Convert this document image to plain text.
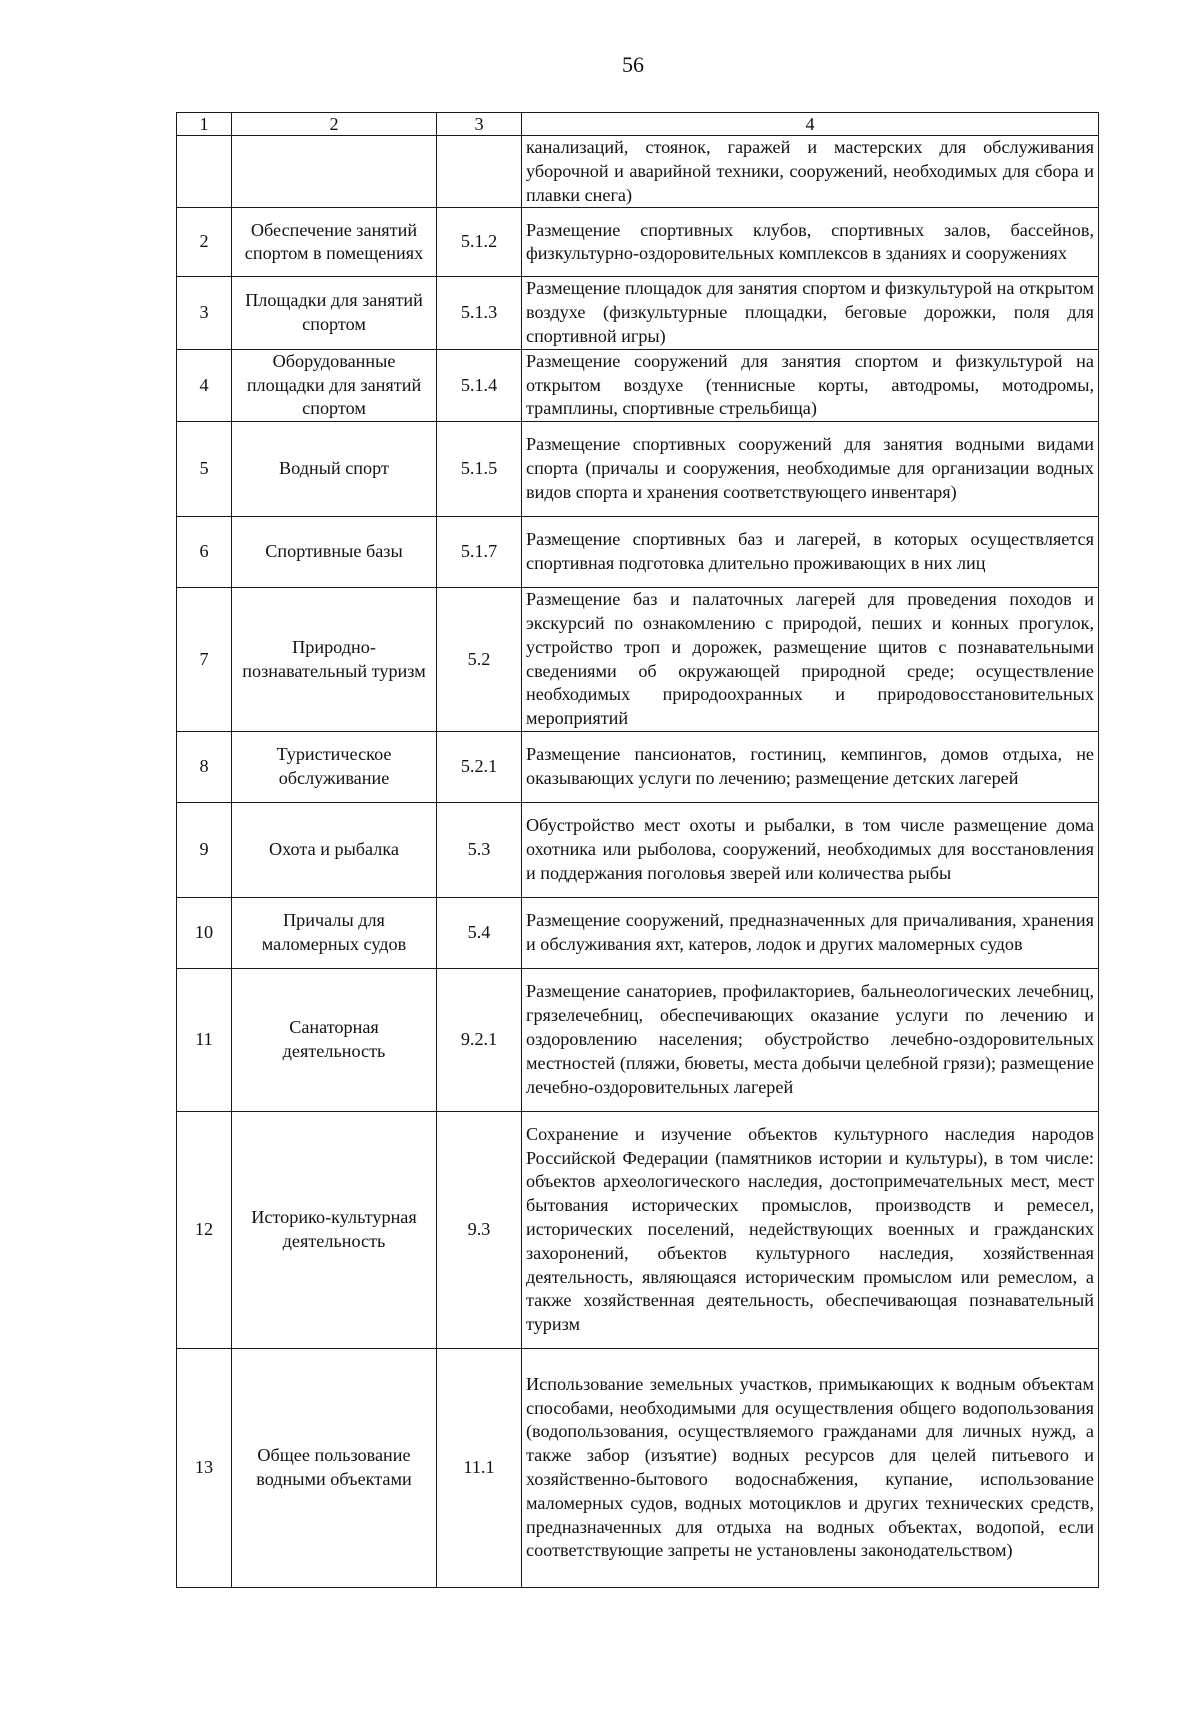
56
1	2	3	4
			канализаций, стоянок, гаражей и мастерских для обслуживания уборочной и аварийной техники, сооружений, необходимых для сбора и плавки снега)
2	Обеспечение занятий спортом в помещениях	5.1.2	Размещение спортивных клубов, спортивных залов, бассейнов, физкультурно-оздоровительных комплексов в зданиях и сооружениях
3	Площадки для занятий спортом	5.1.3	Размещение площадок для занятия спортом и физкультурой на открытом воздухе (физкультурные площадки, беговые дорожки, поля для спортивной игры)
4	Оборудованные площадки для занятий спортом	5.1.4	Размещение сооружений для занятия спортом и физкультурой на открытом воздухе (теннисные корты, автодромы, мотодромы, трамплины, спортивные стрельбища)
5	Водный спорт	5.1.5	Размещение спортивных сооружений для занятия водными видами спорта (причалы и сооружения, необходимые для организации водных видов спорта и хранения соответствующего инвентаря)
6	Спортивные базы	5.1.7	Размещение спортивных баз и лагерей, в которых осуществляется спортивная подготовка длительно проживающих в них лиц
7	Природно-познавательный туризм	5.2	Размещение баз и палаточных лагерей для проведения походов и экскурсий по ознакомлению с природой, пеших и конных прогулок, устройство троп и дорожек, размещение щитов с познавательными сведениями об окружающей природной среде; осуществление необходимых природоохранных и природовосстановительных мероприятий
8	Туристическое обслуживание	5.2.1	Размещение пансионатов, гостиниц, кемпингов, домов отдыха, не оказывающих услуги по лечению; размещение детских лагерей
9	Охота и рыбалка	5.3	Обустройство мест охоты и рыбалки, в том числе размещение дома охотника или рыболова, сооружений, необходимых для восстановления и поддержания поголовья зверей или количества рыбы
10	Причалы для маломерных судов	5.4	Размещение сооружений, предназначенных для причаливания, хранения и обслуживания яхт, катеров, лодок и других маломерных судов
11	Санаторная деятельность	9.2.1	Размещение санаториев, профилакториев, бальнеологических лечебниц, грязелечебниц, обеспечивающих оказание услуги по лечению и оздоровлению населения; обустройство лечебно-оздоровительных местностей (пляжи, бюветы, места добычи целебной грязи); размещение лечебно-оздоровительных лагерей
12	Историко-культурная деятельность	9.3	Сохранение и изучение объектов культурного наследия народов Российской Федерации (памятников истории и культуры), в том числе: объектов археологического наследия, достопримечательных мест, мест бытования исторических промыслов, производств и ремесел, исторических поселений, недействующих военных и гражданских захоронений, объектов культурного наследия, хозяйственная деятельность, являющаяся историческим промыслом или ремеслом, а также хозяйственная деятельность, обеспечивающая познавательный туризм
13	Общее пользование водными объектами	11.1	Использование земельных участков, примыкающих к водным объектам способами, необходимыми для осуществления общего водопользования (водопользования, осуществляемого гражданами для личных нужд, а также забор (изъятие) водных ресурсов для целей питьевого и хозяйственно-бытового водоснабжения, купание, использование маломерных судов, водных мотоциклов и других технических средств, предназначенных для отдыха на водных объектах, водопой, если соответствующие запреты не установлены законодательством)
